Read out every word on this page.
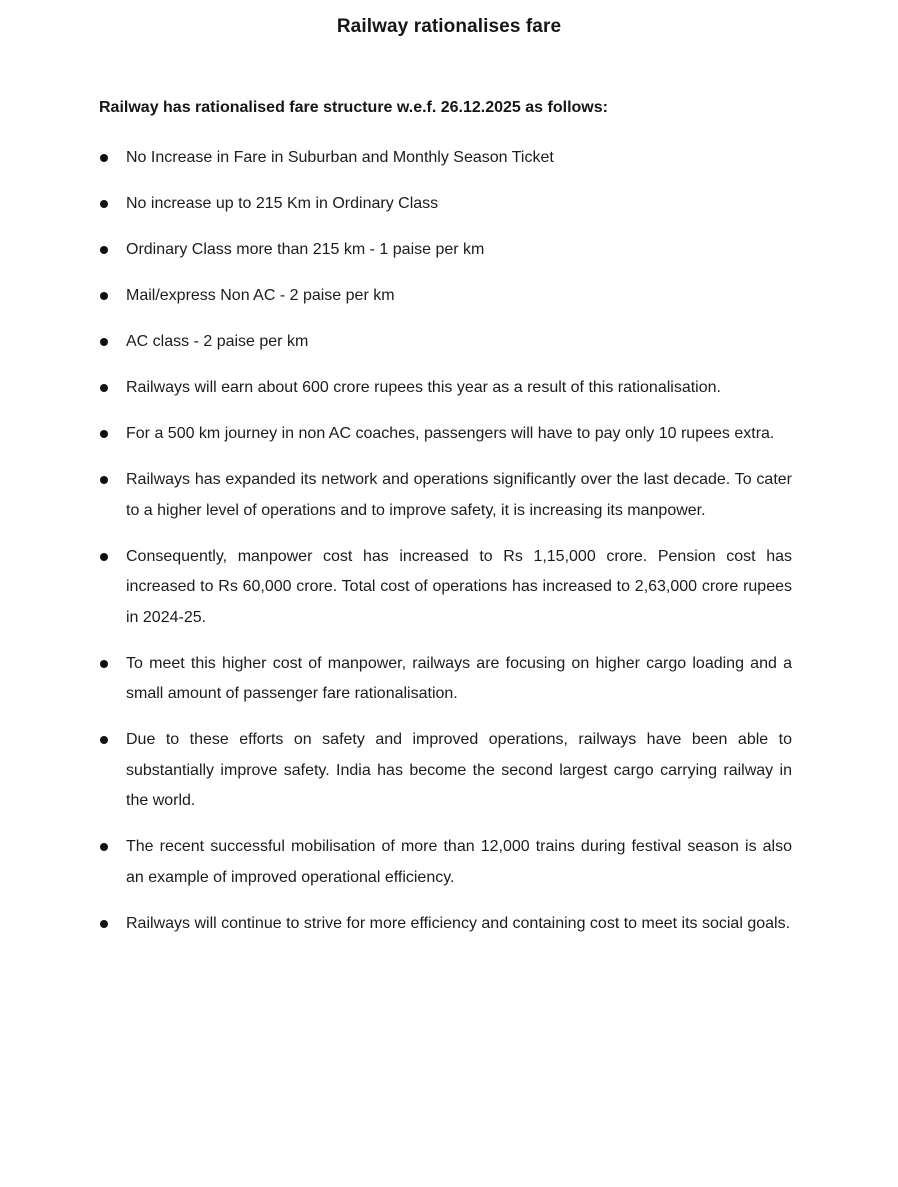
Railway rationalises fare
Railway has rationalised fare structure w.e.f. 26.12.2025 as follows:
No Increase in Fare in Suburban and Monthly Season Ticket
No increase up to 215 Km in Ordinary Class
Ordinary Class more than 215 km - 1 paise per km
Mail/express Non AC - 2 paise per km
AC class - 2 paise per km
Railways will earn about 600 crore rupees this year as a result of this rationalisation.
For a 500 km journey in non AC coaches, passengers will have to pay only 10 rupees extra.
Railways has expanded its network and operations significantly over the last decade. To cater to a higher level of operations and to improve safety, it is increasing its manpower.
Consequently, manpower cost has increased to Rs 1,15,000 crore. Pension cost has increased to Rs 60,000 crore. Total cost of operations has increased to 2,63,000 crore rupees in 2024-25.
To meet this higher cost of manpower, railways are focusing on higher cargo loading and a small amount of passenger fare rationalisation.
Due to these efforts on safety and improved operations, railways have been able to substantially improve safety. India has become the second largest cargo carrying railway in the world.
The recent successful mobilisation of more than 12,000 trains during festival season is also an example of improved operational efficiency.
Railways will continue to strive for more efficiency and containing cost to meet its social goals.
